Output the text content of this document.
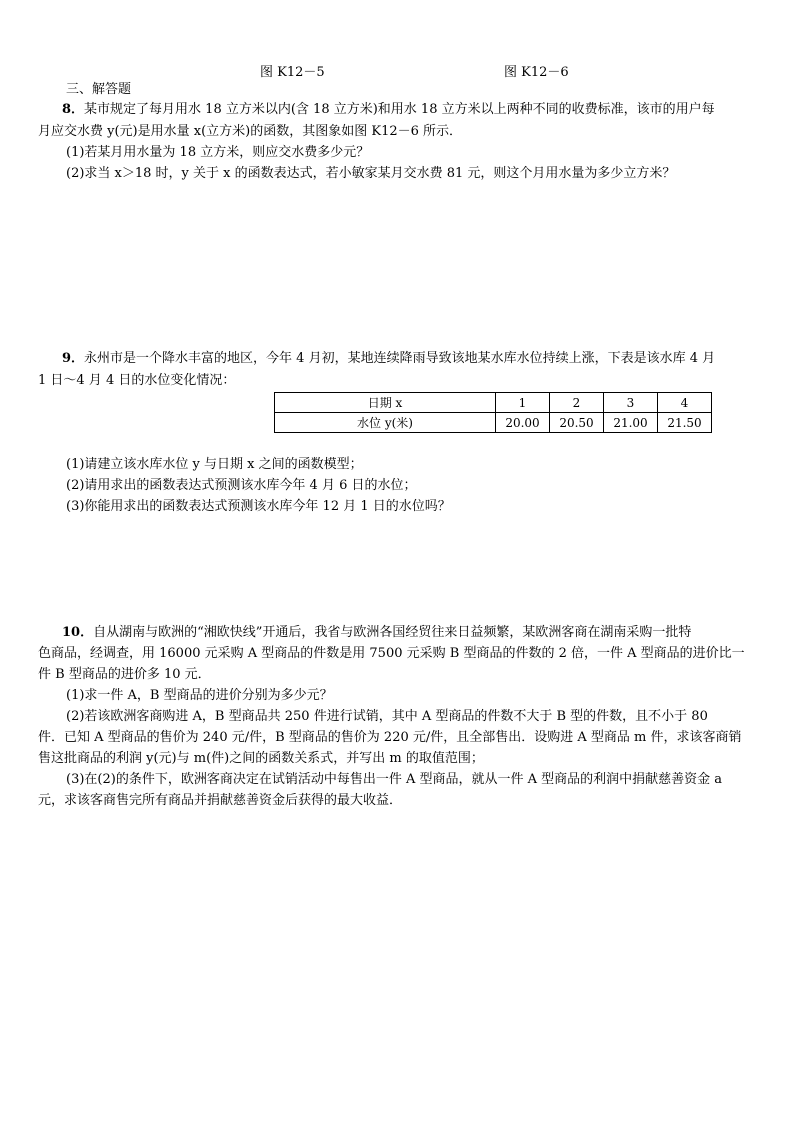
图 K12－5	图 K12－6
三、解答题
8．某市规定了每月用水 18 立方米以内(含 18 立方米)和用水 18 立方米以上两种不同的收费标准，该市的用户每
月应交水费 y(元)是用水量 x(立方米)的函数，其图象如图 K12－6 所示．
(1)若某月用水量为 18 立方米，则应交水费多少元？
(2)求当 x＞18 时，y 关于 x 的函数表达式，若小敏家某月交水费 81 元，则这个月用水量为多少立方米？
9．永州市是一个降水丰富的地区，今年 4 月初，某地连续降雨导致该地某水库水位持续上涨，下表是该水库 4 月
1 日～4 月 4 日的水位变化情况：
日期 x	1	2	3	4
水位 y(米)	20.00	20.50	21.00	21.50
(1)请建立该水库水位 y 与日期 x 之间的函数模型；
(2)请用求出的函数表达式预测该水库今年 4 月 6 日的水位；
(3)你能用求出的函数表达式预测该水库今年 12 月 1 日的水位吗？
10．自从湖南与欧洲的“湘欧快线”开通后，我省与欧洲各国经贸往来日益频繁，某欧洲客商在湖南采购一批特
色商品，经调查，用 16000 元采购 A 型商品的件数是用 7500 元采购 B 型商品的件数的 2 倍，一件 A 型商品的进价比一
件 B 型商品的进价多 10 元．
(1)求一件 A，B 型商品的进价分别为多少元？
(2)若该欧洲客商购进 A，B 型商品共 250 件进行试销，其中 A 型商品的件数不大于 B 型的件数，且不小于 80
件．已知 A 型商品的售价为 240 元/件，B 型商品的售价为 220 元/件，且全部售出．设购进 A 型商品 m 件，求该客商销
售这批商品的利润 y(元)与 m(件)之间的函数关系式，并写出 m 的取值范围；
(3)在(2)的条件下，欧洲客商决定在试销活动中每售出一件 A 型商品，就从一件 A 型商品的利润中捐献慈善资金 a
元，求该客商售完所有商品并捐献慈善资金后获得的最大收益．
